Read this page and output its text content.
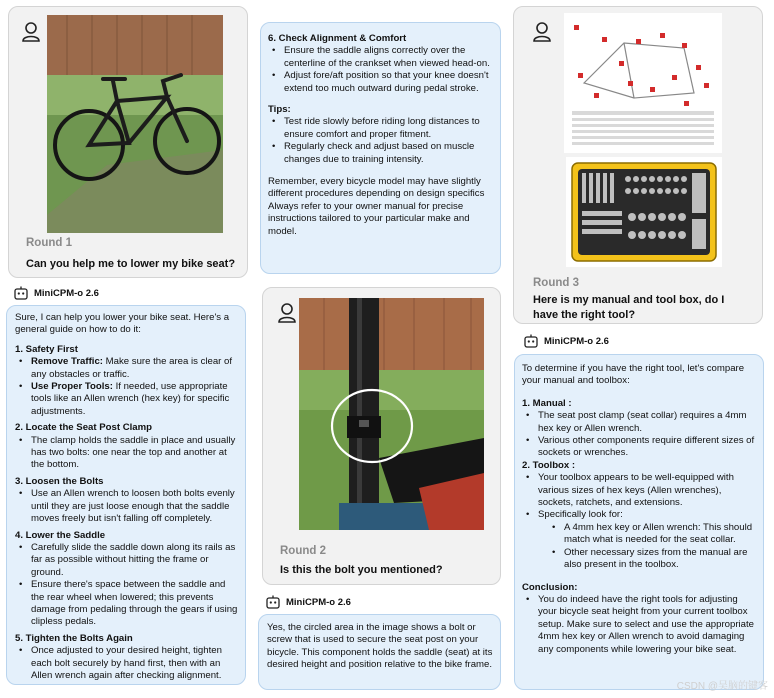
Round 1
Can you help me to lower my bike seat?
MiniCPM-o 2.6

Sure, I can help you lower your bike seat. Here's a general guide on how to do it:

1. Safety First

• Remove Traffic: Make sure the area is clear of any obstacles or traffic.
• Use Proper Tools: If needed, use appropriate tools like an Allen wrench (hex key) for specific adjustments.

2. Locate the Seat Post Clamp

• The clamp holds the saddle in place and usually has two bolts: one near the top and another at the bottom.

3. Loosen the Bolts

• Use an Allen wrench to loosen both bolts evenly until they are just loose enough that the saddle moves freely but isn't falling off completely.

4. Lower the Saddle

• Carefully slide the saddle down along its rails as far as possible without hitting the frame or ground.
• Ensure there's space between the saddle and the rear wheel when lowered; this prevents damage from pedaling through the gears if using clipless pedals.

5. Tighten the Bolts Again

• Once adjusted to your desired height, tighten each bolt securely by hand first, then with an Allen wrench again after checking alignment.

6. Check Alignment & Comfort

• Ensure the saddle aligns correctly over the centerline of the crankset when viewed head-on.
• Adjust fore/aft position so that your knee doesn't extend too much outward during pedal stroke.

Tips:

• Test ride slowly before riding long distances to ensure comfort and proper fitment.
• Regularly check and adjust based on muscle changes due to training intensity.

Remember, every bicycle model may have slightly different procedures depending on design specifics Always refer to your owner manual for precise instructions tailored to your particular make and model.

Round 2
Is this the bolt you mentioned?
MiniCPM-o 2.6
Yes, the circled area in the image shows a bolt or screw that is used to secure the seat post on your bicycle. This component holds the saddle (seat) at its desired height and position relative to the bike frame.
Round 3
Here is my manual and tool box, do I have the right tool?
MiniCPM-o 2.6

To determine if you have the right tool, let's compare your manual and toolbox:

1. Manual :

• The seat post clamp (seat collar) requires a 4mm hex key or Allen wrench.
• Various other components require different sizes of sockets or wrenches.

2. Toolbox :

• Your toolbox appears to be well-equipped with various sizes of hex keys (Allen wrenches), sockets, ratchets, and extensions.
• Specifically look for:
• A 4mm hex key or Allen wrench: This should match what is needed for the seat collar.
• Other necessary sizes from the manual are also present in the toolbox.

Conclusion:

• You do indeed have the right tools for adjusting your bicycle seat height from your current toolbox setup. Make sure to select and use the appropriate 4mm hex key or Allen wrench to avoid damaging any components while lowering your bike seat.
CSDN @吴脑的键客
